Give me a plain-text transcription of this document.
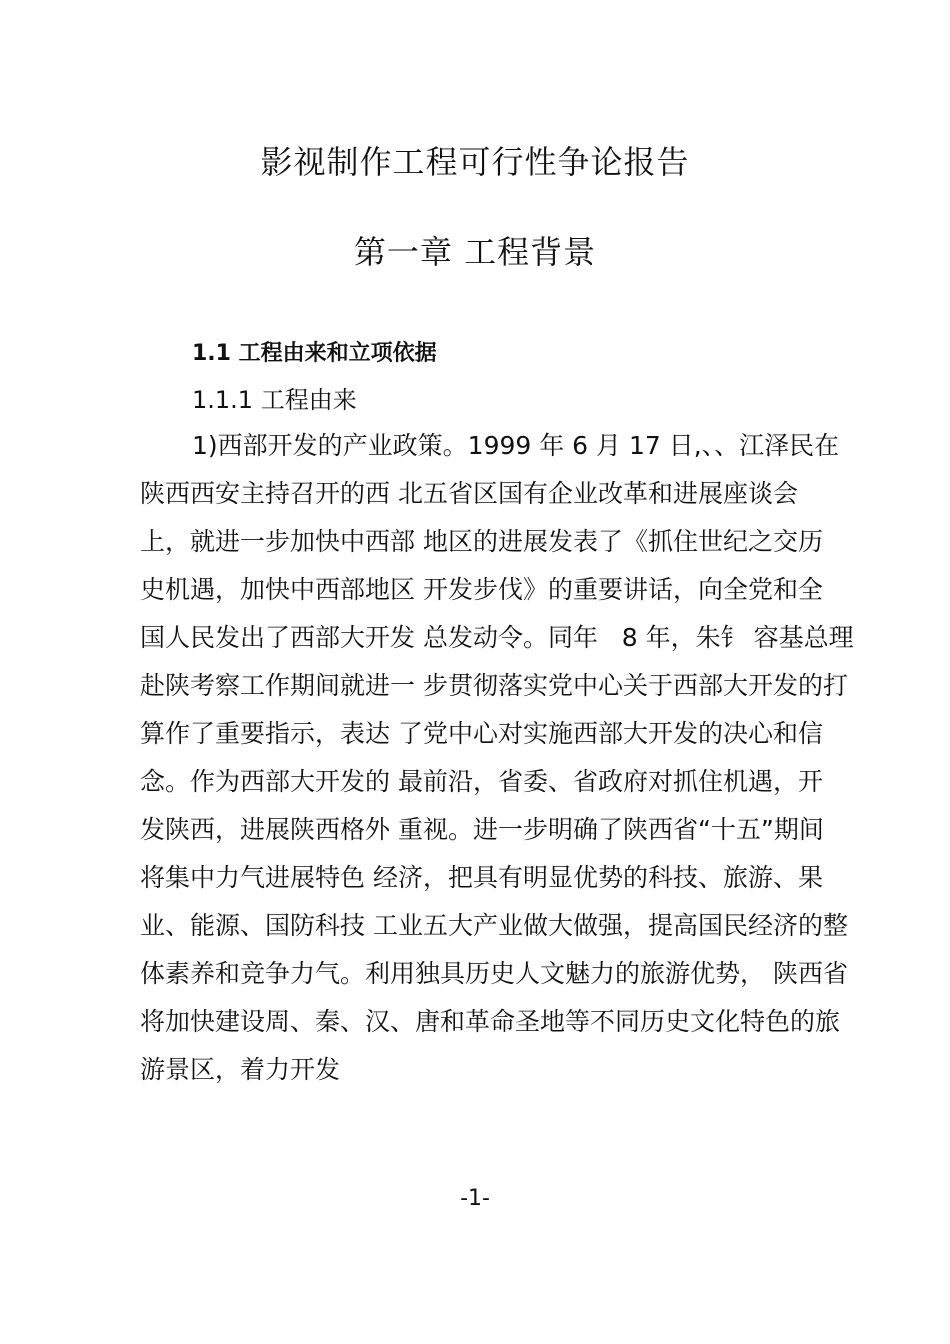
影视制作工程可行性争论报告
第一章 工程背景
1.1 工程由来和立项依据
1.1.1 工程由来
1)西部开发的产业政策。1999 年 6 月 17 日,、、江泽民在
陕西西安主持召开的西 北五省区国有企业改革和进展座谈会
上，就进一步加快中西部 地区的进展发表了《抓住世纪之交历
史机遇，加快中西部地区 开发步伐》的重要讲话，向全党和全
国人民发出了西部大开发 总发动令。同年   8 年，朱钅 容基总理
赴陕考察工作期间就进一 步贯彻落实党中心关于西部大开发的打
算作了重要指示，表达 了党中心对实施西部大开发的决心和信
念。作为西部大开发的 最前沿，省委、省政府对抓住机遇，开
发陕西，进展陕西格外 重视。进一步明确了陕西省“十五”期间
将集中力气进展特色 经济，把具有明显优势的科技、旅游、果
业、能源、国防科技 工业五大产业做大做强，提高国民经济的整
体素养和竞争力气。利用独具历史人文魅力的旅游优势， 陕西省
将加快建设周、秦、汉、唐和革命圣地等不同历史文化特色的旅
游景区，着力开发
-1-
